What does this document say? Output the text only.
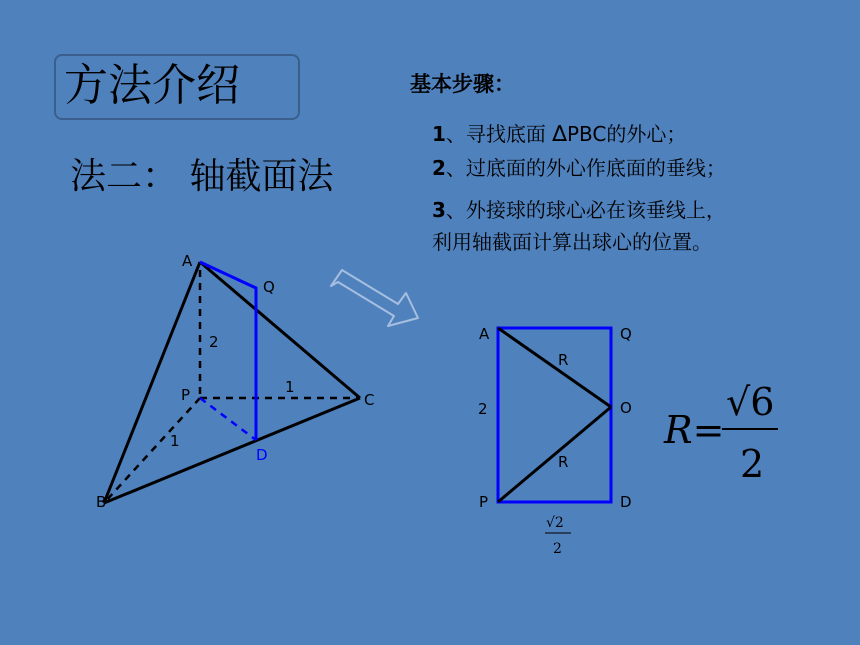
方法介绍
法二： 轴截面法
基本步骤：
1、寻找底面 ∆PBC的外心；
2、过底面的外心作底面的垂线；
3、外接球的球心必在该垂线上，
利用轴截面计算出球心的位置。
A
Q
P	C
B
D
2
1
1
A	Q
O
P	D
R
R
2
√2
2
R=
√6
2
